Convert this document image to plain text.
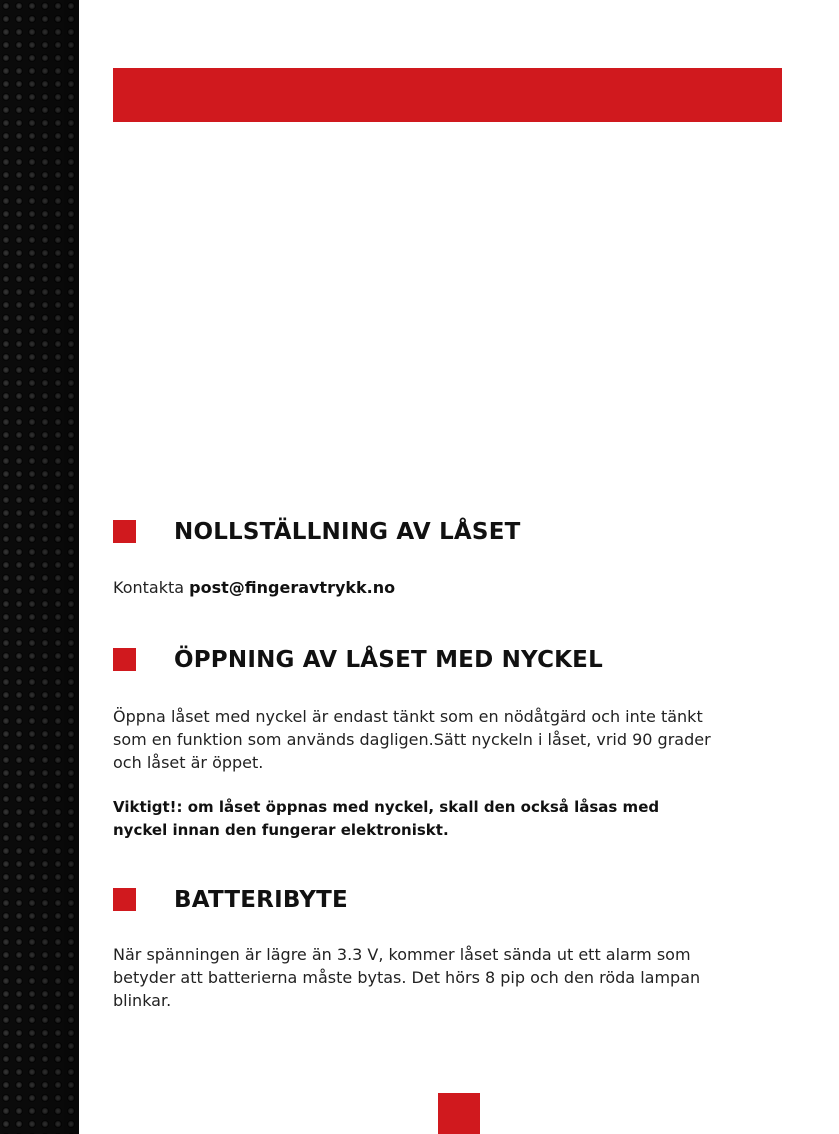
NOLLSTÄLLNING AV LÅSET

Kontakta post@fingeravtrykk.no

ÖPPNING AV LÅSET MED NYCKEL

Öppna låset med nyckel är endast tänkt som en nödåtgärd och inte tänkt som en funktion som används dagligen.Sätt nyckeln i låset, vrid 90 grader och låset är öppet.

Viktigt!: om låset öppnas med nyckel, skall den också låsas med nyckel innan den fungerar elektroniskt.

BATTERIBYTE

När spänningen är lägre än 3.3 V, kommer låset sända ut ett alarm som betyder att batterierna måste bytas. Det hörs 8 pip och den röda lampan blinkar.
